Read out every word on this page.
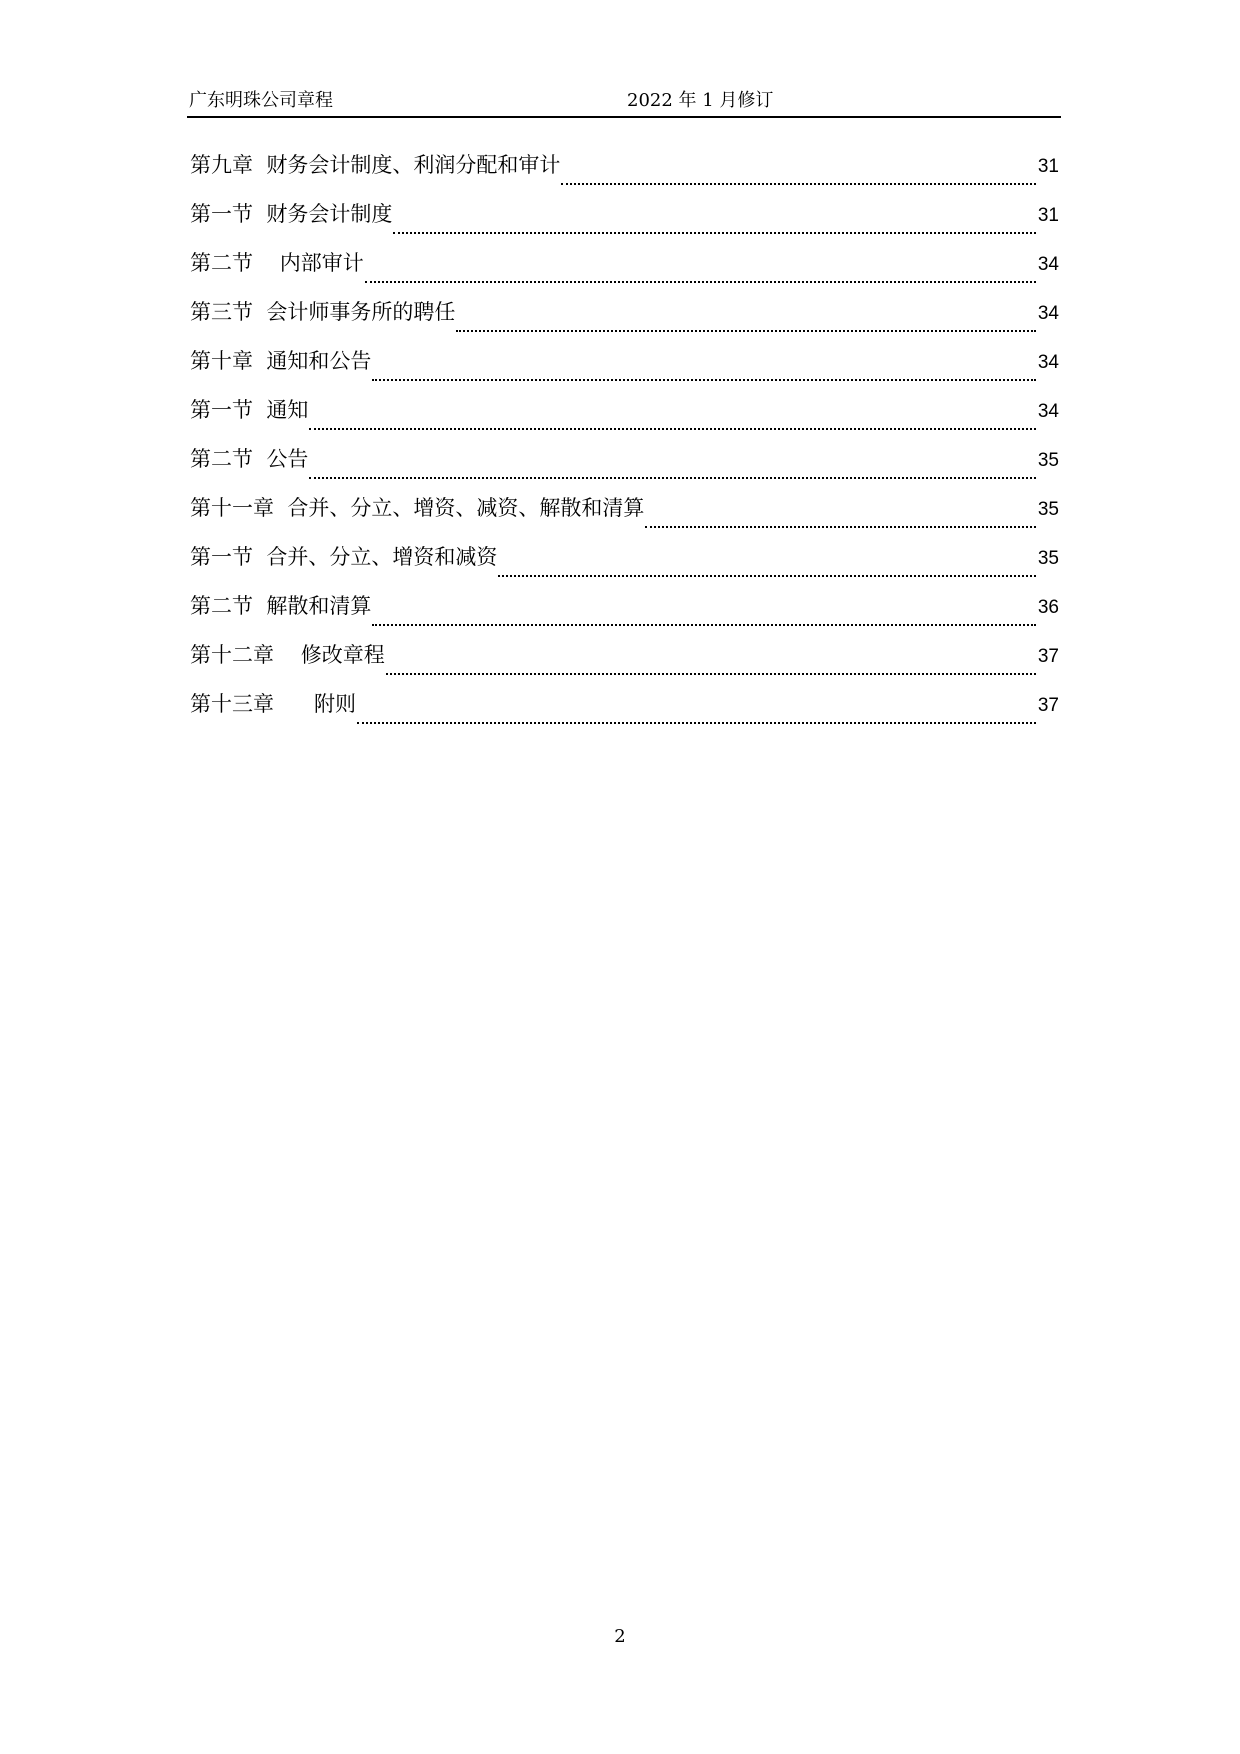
广东明珠公司章程	2022 年 1 月修订
第九章  财务会计制度、利润分配和审计	31
第一节  财务会计制度	31
第二节    内部审计	34
第三节  会计师事务所的聘任	34
第十章  通知和公告	34
第一节  通知	34
第二节  公告	35
第十一章  合并、分立、增资、减资、解散和清算	35
第一节  合并、分立、增资和减资	35
第二节  解散和清算	36
第十二章    修改章程	37
第十三章      附则	37
2
